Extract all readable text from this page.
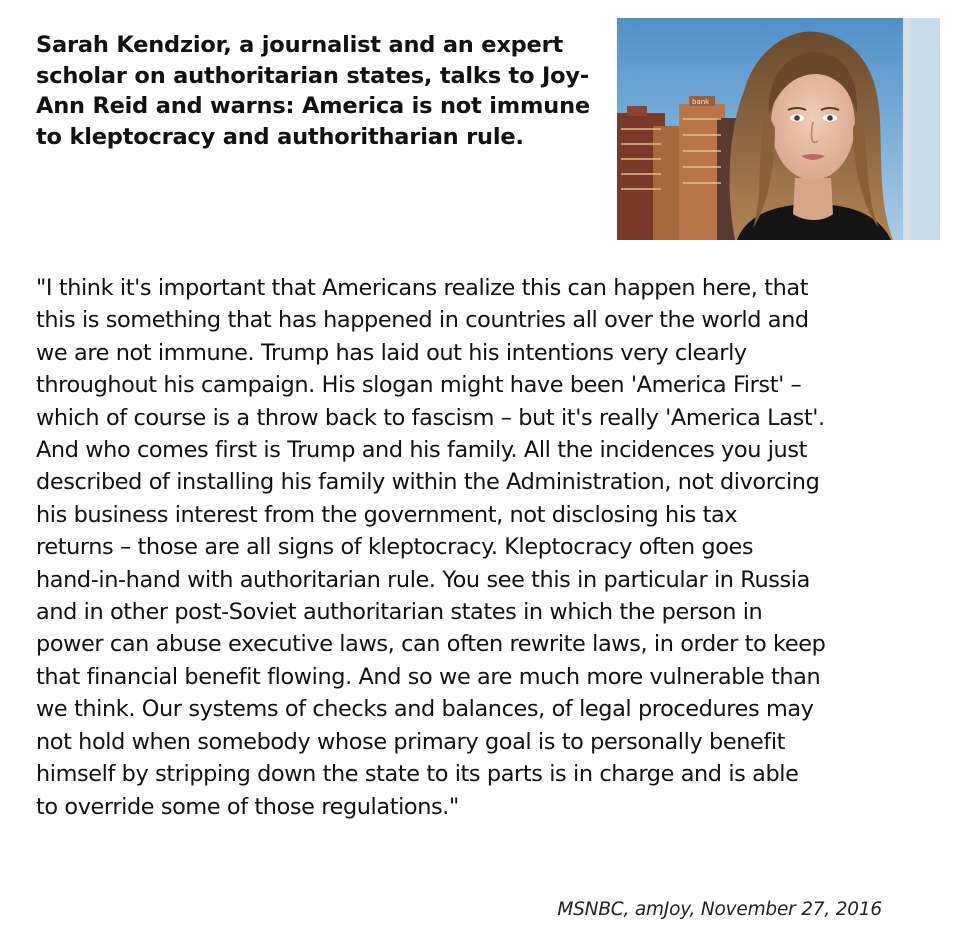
Sarah Kendzior, a journalist and an expert scholar on authoritarian states, talks to Joy-Ann Reid and warns: America is not immune to kleptocracy and authoritharian rule.
bank
"I think it's important that Americans realize this can happen here, that
this is something that has happened in countries all over the world and
we are not immune. Trump has laid out his intentions very clearly
throughout his campaign. His slogan might have been 'America First' –
which of course is a throw back to fascism – but it's really 'America Last'.
And who comes first is Trump and his family. All the incidences you just
described of installing his family within the Administration, not divorcing
his business interest from the government, not disclosing his tax
returns – those are all signs of kleptocracy. Kleptocracy often goes
hand-in-hand with authoritarian rule. You see this in particular in Russia
and in other post-Soviet authoritarian states in which the person in
power can abuse executive laws, can often rewrite laws, in order to keep
that financial benefit flowing. And so we are much more vulnerable than
we think. Our systems of checks and balances, of legal procedures may
not hold when somebody whose primary goal is to personally benefit
himself by stripping down the state to its parts is in charge and is able
to override some of those regulations."
MSNBC, amJoy, November 27, 2016
